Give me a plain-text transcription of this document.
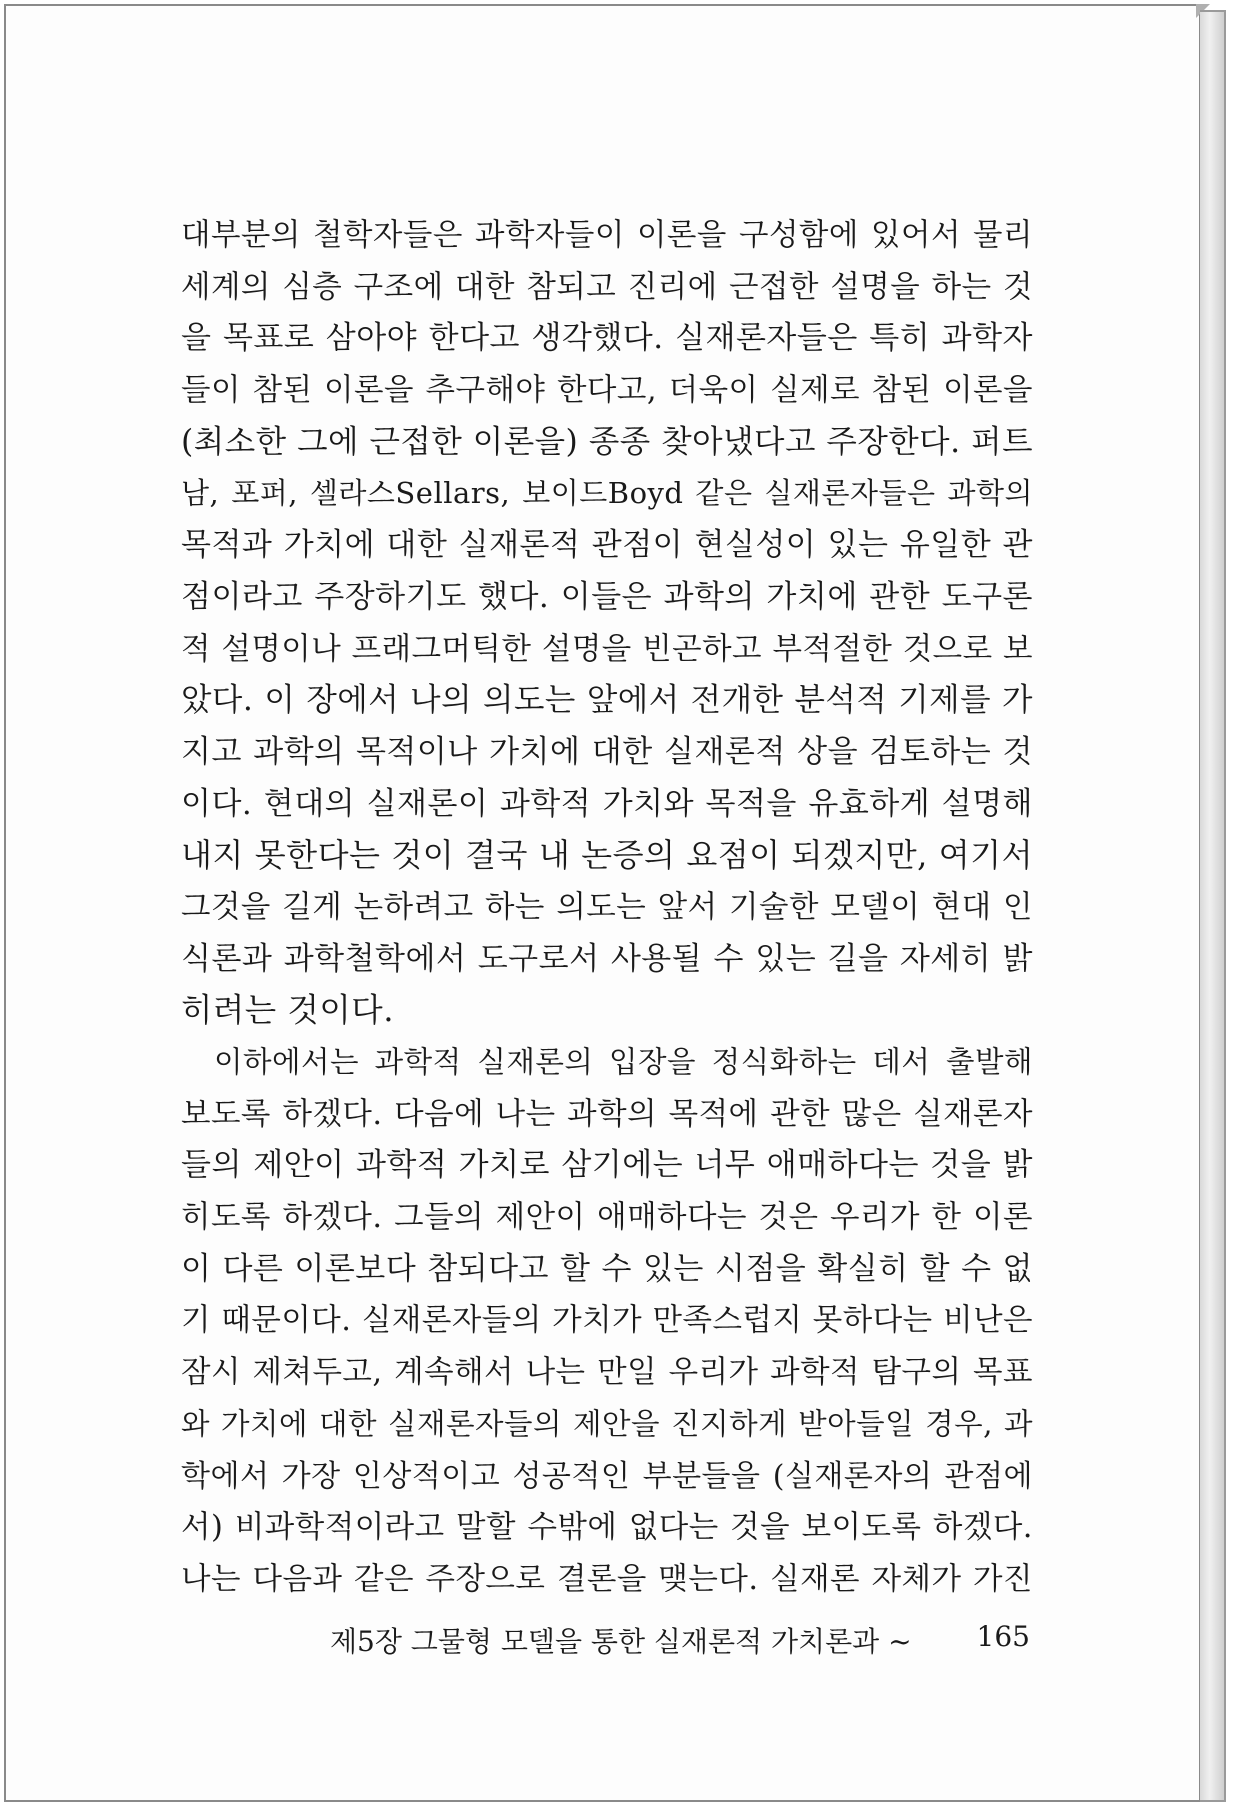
대부분의 철학자들은 과학자들이 이론을 구성함에 있어서 물리
세계의 심층 구조에 대한 참되고 진리에 근접한 설명을 하는 것
을 목표로 삼아야 한다고 생각했다. 실재론자들은 특히 과학자
들이 참된 이론을 추구해야 한다고, 더욱이 실제로 참된 이론을
(최소한 그에 근접한 이론을) 종종 찾아냈다고 주장한다. 퍼트
남, 포퍼, 셀라스Sellars, 보이드Boyd 같은 실재론자들은 과학의
목적과 가치에 대한 실재론적 관점이 현실성이 있는 유일한 관
점이라고 주장하기도 했다. 이들은 과학의 가치에 관한 도구론
적 설명이나 프래그머틱한 설명을 빈곤하고 부적절한 것으로 보
았다. 이 장에서 나의 의도는 앞에서 전개한 분석적 기제를 가
지고 과학의 목적이나 가치에 대한 실재론적 상을 검토하는 것
이다. 현대의 실재론이 과학적 가치와 목적을 유효하게 설명해
내지 못한다는 것이 결국 내 논증의 요점이 되겠지만, 여기서
그것을 길게 논하려고 하는 의도는 앞서 기술한 모델이 현대 인
식론과 과학철학에서 도구로서 사용될 수 있는 길을 자세히 밝
히려는 것이다.
이하에서는 과학적 실재론의 입장을 정식화하는 데서 출발해
보도록 하겠다. 다음에 나는 과학의 목적에 관한 많은 실재론자
들의 제안이 과학적 가치로 삼기에는 너무 애매하다는 것을 밝
히도록 하겠다. 그들의 제안이 애매하다는 것은 우리가 한 이론
이 다른 이론보다 참되다고 할 수 있는 시점을 확실히 할 수 없
기 때문이다. 실재론자들의 가치가 만족스럽지 못하다는 비난은
잠시 제쳐두고, 계속해서 나는 만일 우리가 과학적 탐구의 목표
와 가치에 대한 실재론자들의 제안을 진지하게 받아들일 경우, 과
학에서 가장 인상적이고 성공적인 부분들을 (실재론자의 관점에
서) 비과학적이라고 말할 수밖에 없다는 것을 보이도록 하겠다.
나는 다음과 같은 주장으로 결론을 맺는다. 실재론 자체가 가진
제5장 그물형 모델을 통한 실재론적 가치론과 ~ 165
